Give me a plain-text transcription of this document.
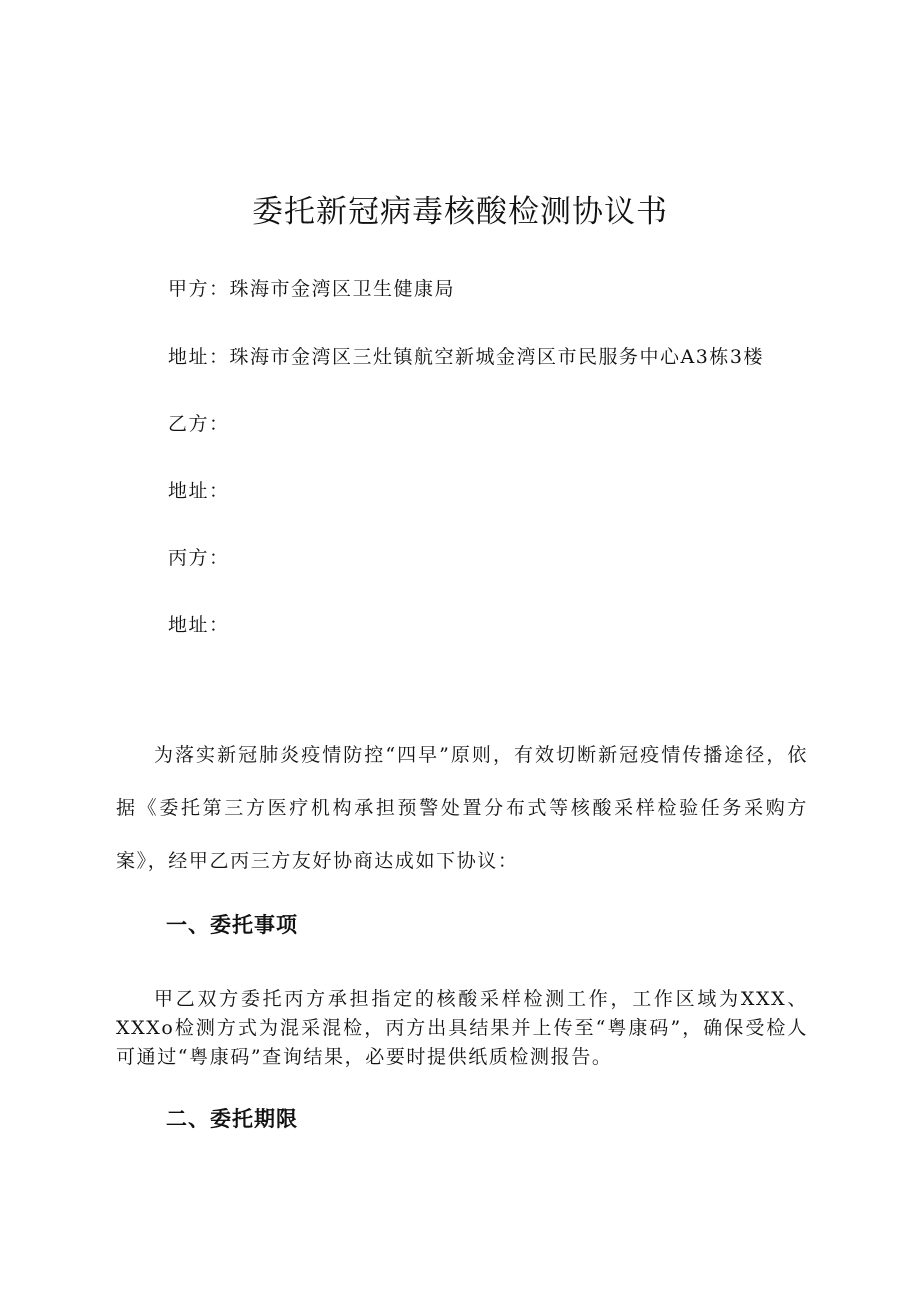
委托新冠病毒核酸检测协议书
甲方：珠海市金湾区卫生健康局
地址：珠海市金湾区三灶镇航空新城金湾区市民服务中心A3栋3楼
乙方：
地址：
丙方：
地址：
为落实新冠肺炎疫情防控“四早”原则，有效切断新冠疫情传播途径，依据《委托第三方医疗机构承担预警处置分布式等核酸采样检验任务采购方案》，经甲乙丙三方友好协商达成如下协议：
一、委托事项
甲乙双方委托丙方承担指定的核酸采样检测工作，工作区域为XXX、XXXo检测方式为混采混检，丙方出具结果并上传至“粤康码”，确保受检人可通过“粤康码”查询结果，必要时提供纸质检测报告。
二、委托期限
